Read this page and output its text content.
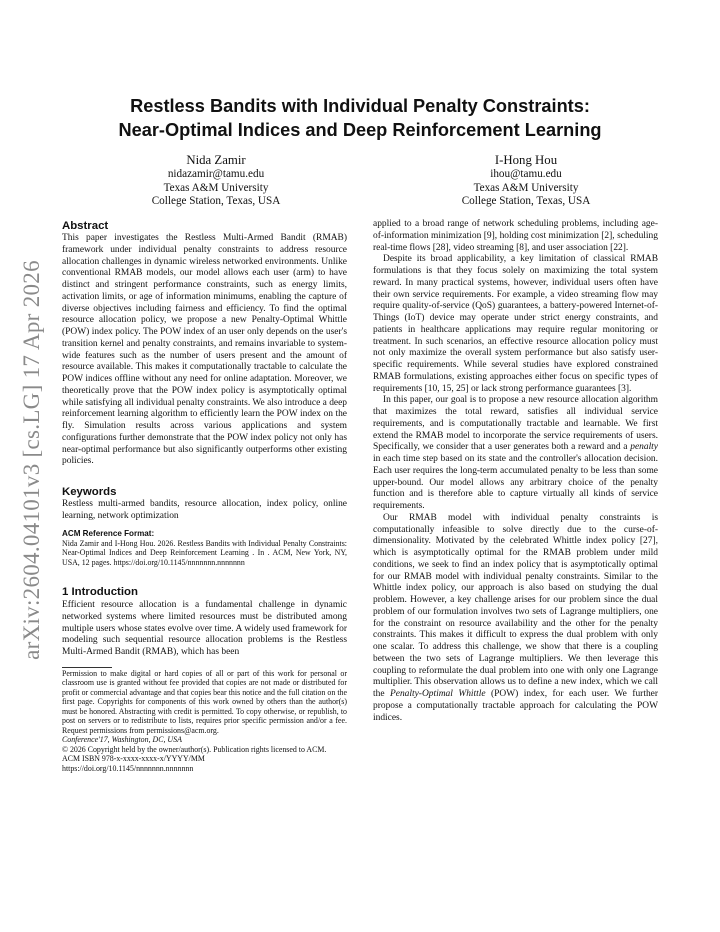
arXiv:2604.04101v3 [cs.LG] 17 Apr 2026
Restless Bandits with Individual Penalty Constraints:
Near-Optimal Indices and Deep Reinforcement Learning
Nida Zamir
nidazamir@tamu.edu
Texas A&M University
College Station, Texas, USA
I-Hong Hou
ihou@tamu.edu
Texas A&M University
College Station, Texas, USA
Abstract
This paper investigates the Restless Multi-Armed Bandit (RMAB) framework under individual penalty constraints to address resource allocation challenges in dynamic wireless networked environments. Unlike conventional RMAB models, our model allows each user (arm) to have distinct and stringent performance constraints, such as energy limits, activation limits, or age of information minimums, enabling the capture of diverse objectives including fairness and efficiency. To find the optimal resource allocation policy, we propose a new Penalty-Optimal Whittle (POW) index policy. The POW index of an user only depends on the user's transition kernel and penalty constraints, and remains invariable to system-wide features such as the number of users present and the amount of resource available. This makes it computationally tractable to calculate the POW indices offline without any need for online adaptation. Moreover, we theoretically prove that the POW index policy is asymptotically optimal while satisfying all individual penalty constraints. We also introduce a deep reinforcement learning algorithm to efficiently learn the POW index on the fly. Simulation results across various applications and system configurations further demonstrate that the POW index policy not only has near-optimal performance but also significantly outperforms other existing policies.
Keywords
Restless multi-armed bandits, resource allocation, index policy, online learning, network optimization
ACM Reference Format:
Nida Zamir and I-Hong Hou. 2026. Restless Bandits with Individual Penalty Constraints: Near-Optimal Indices and Deep Reinforcement Learning . In . ACM, New York, NY, USA, 12 pages. https://doi.org/10.1145/nnnnnnn.nnnnnnn
1 Introduction
Efficient resource allocation is a fundamental challenge in dynamic networked systems where limited resources must be distributed among multiple users whose states evolve over time. A widely used framework for modeling such sequential resource allocation problems is the Restless Multi-Armed Bandit (RMAB), which has been
Permission to make digital or hard copies of all or part of this work for personal or classroom use is granted without fee provided that copies are not made or distributed for profit or commercial advantage and that copies bear this notice and the full citation on the first page. Copyrights for components of this work owned by others than the author(s) must be honored. Abstracting with credit is permitted. To copy otherwise, or republish, to post on servers or to redistribute to lists, requires prior specific permission and/or a fee. Request permissions from permissions@acm.org.
Conference'17, Washington, DC, USA
© 2026 Copyright held by the owner/author(s). Publication rights licensed to ACM.
ACM ISBN 978-x-xxxx-xxxx-x/YYYY/MM
https://doi.org/10.1145/nnnnnnn.nnnnnnn
applied to a broad range of network scheduling problems, including age-of-information minimization [9], holding cost minimization [2], scheduling real-time flows [28], video streaming [8], and user association [22].
Despite its broad applicability, a key limitation of classical RMAB formulations is that they focus solely on maximizing the total system reward. In many practical systems, however, individual users often have their own service requirements. For example, a video streaming flow may require quality-of-service (QoS) guarantees, a battery-powered Internet-of-Things (IoT) device may operate under strict energy constraints, and patients in healthcare applications may require regular monitoring or treatment. In such scenarios, an effective resource allocation policy must not only maximize the overall system performance but also satisfy user-specific requirements. While several studies have explored constrained RMAB formulations, existing approaches either focus on specific types of requirements [10, 15, 25] or lack strong performance guarantees [3].
In this paper, our goal is to propose a new resource allocation algorithm that maximizes the total reward, satisfies all individual service requirements, and is computationally tractable and learnable. We first extend the RMAB model to incorporate the service requirements of users. Specifically, we consider that a user generates both a reward and a penalty in each time step based on its state and the controller's allocation decision. Each user requires the long-term accumulated penalty to be less than some upper-bound. Our model allows any arbitrary choice of the penalty function and is therefore able to capture virtually all kinds of service requirements.
Our RMAB model with individual penalty constraints is computationally infeasible to solve directly due to the curse-of-dimensionality. Motivated by the celebrated Whittle index policy [27], which is asymptotically optimal for the RMAB problem under mild conditions, we seek to find an index policy that is asymptotically optimal for our RMAB model with individual penalty constraints. Similar to the Whittle index policy, our approach is also based on studying the dual problem. However, a key challenge arises for our problem since the dual problem of our formulation involves two sets of Lagrange multipliers, one for the constraint on resource availability and the other for the penalty constraints. This makes it difficult to express the dual problem with only one scalar. To address this challenge, we show that there is a coupling between the two sets of Lagrange multipliers. We then leverage this coupling to reformulate the dual problem into one with only one Lagrange multiplier. This observation allows us to define a new index, which we call the Penalty-Optimal Whittle (POW) index, for each user. We further propose a computationally tractable approach for calculating the POW indices.
